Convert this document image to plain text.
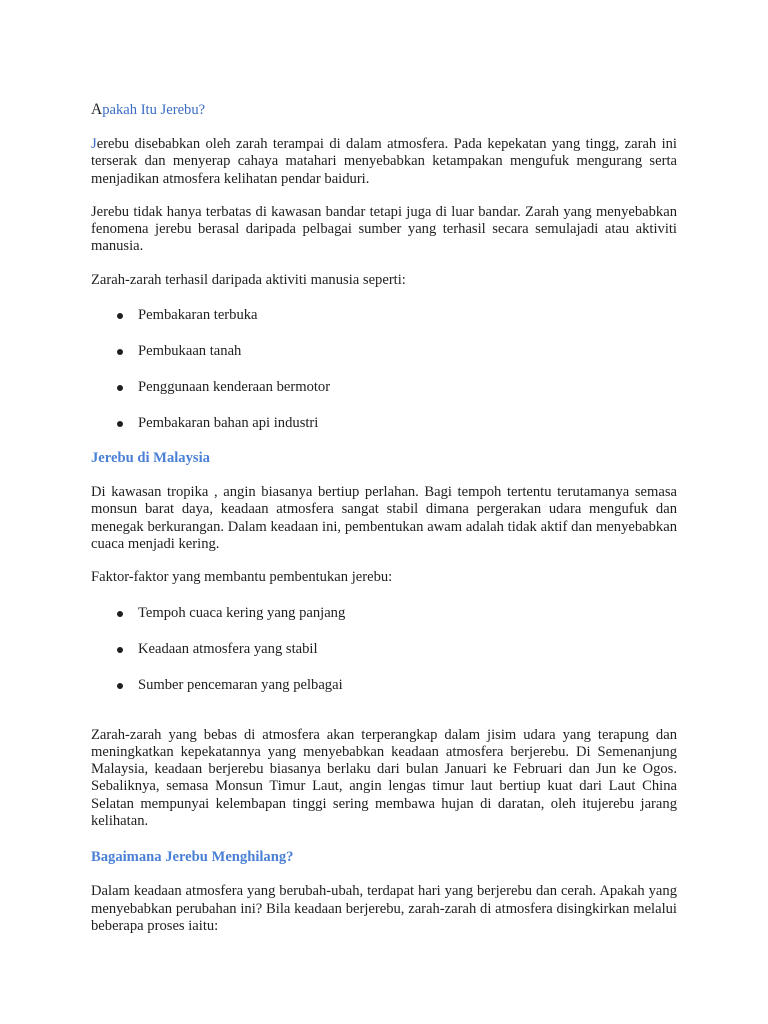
Apakah Itu Jerebu?

Jerebu disebabkan oleh zarah terampai di dalam atmosfera. Pada kepekatan yang tingg, zarah ini terserak dan menyerap cahaya matahari menyebabkan ketampakan mengufuk mengurang serta menjadikan atmosfera kelihatan pendar baiduri.

Jerebu tidak hanya terbatas di kawasan bandar tetapi juga di luar bandar. Zarah yang menyebabkan fenomena jerebu berasal daripada pelbagai sumber yang terhasil secara semulajadi atau aktiviti manusia.

Zarah-zarah terhasil daripada aktiviti manusia seperti:

Pembakaran terbuka
Pembukaan tanah
Penggunaan kenderaan bermotor
Pembakaran bahan api industri
Jerebu di Malaysia

Di kawasan tropika , angin biasanya bertiup perlahan. Bagi tempoh tertentu terutamanya semasa monsun barat daya, keadaan atmosfera sangat stabil dimana pergerakan udara mengufuk dan menegak berkurangan. Dalam keadaan ini, pembentukan awam adalah tidak aktif dan menyebabkan cuaca menjadi kering.

Faktor-faktor yang membantu pembentukan jerebu:

Tempoh cuaca kering yang panjang
Keadaan atmosfera yang stabil
Sumber pencemaran yang pelbagai

Zarah-zarah yang bebas di atmosfera akan terperangkap dalam jisim udara yang terapung dan meningkatkan kepekatannya yang menyebabkan keadaan atmosfera berjerebu. Di Semenanjung Malaysia, keadaan berjerebu biasanya berlaku dari bulan Januari ke Februari dan Jun ke Ogos. Sebaliknya, semasa Monsun Timur Laut, angin lengas timur laut bertiup kuat dari Laut China Selatan mempunyai kelembapan tinggi sering membawa hujan di daratan, oleh itujerebu jarang kelihatan.

Bagaimana Jerebu Menghilang?

Dalam keadaan atmosfera yang berubah-ubah, terdapat hari yang berjerebu dan cerah. Apakah yang menyebabkan perubahan ini? Bila keadaan berjerebu, zarah-zarah di atmosfera disingkirkan melalui beberapa proses iaitu:
